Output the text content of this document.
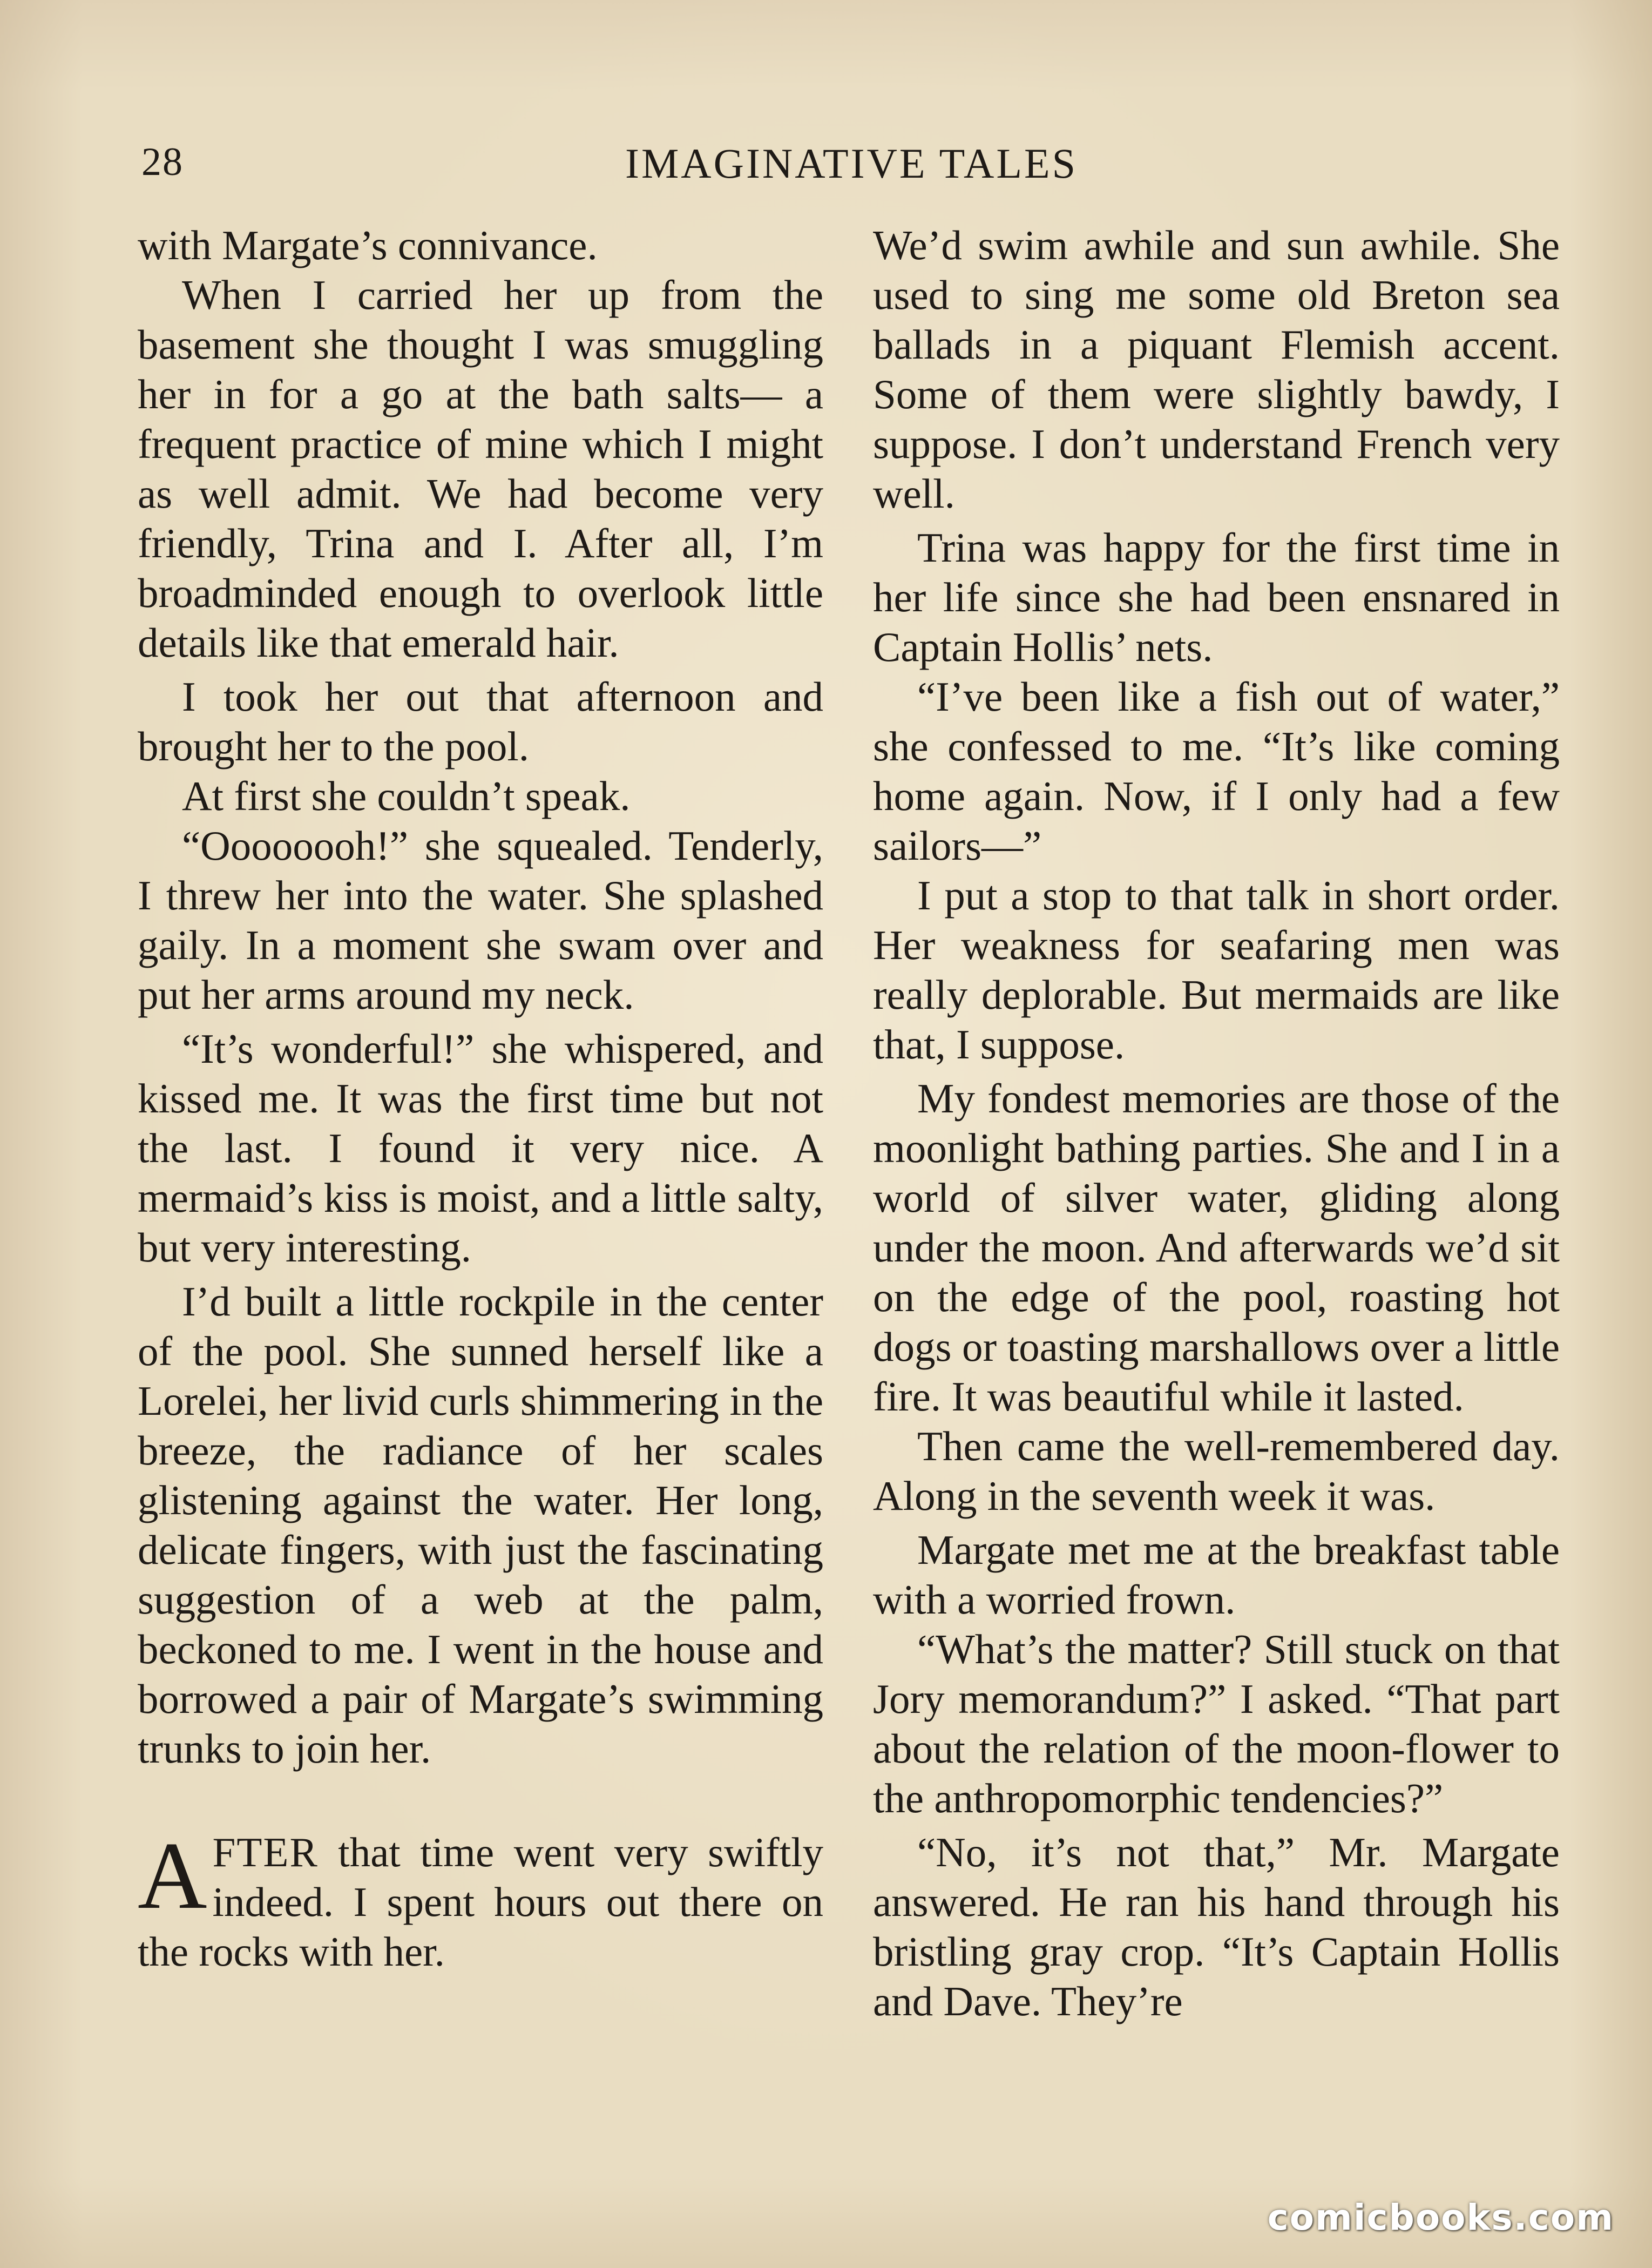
28	IMAGINATIVE TALES

with Margate’s connivance.

When I carried her up from the basement she thought I was smuggling her in for a go at the bath salts— a frequent practice of mine which I might as well admit. We had become very friendly, Trina and I. After all, I’m broadminded enough to overlook little details like that emerald hair.

I took her out that afternoon and brought her to the pool.

At first she couldn’t speak.

“Oooooooh!” she squealed. Tenderly, I threw her into the water. She splashed gaily. In a moment she swam over and put her arms around my neck.

“It’s wonderful!” she whispered, and kissed me. It was the first time but not the last. I found it very nice. A mermaid’s kiss is moist, and a little salty, but very interesting.

I’d built a little rockpile in the center of the pool. She sunned herself like a Lorelei, her livid curls shimmering in the breeze, the radiance of her scales glistening against the water. Her long, delicate fingers, with just the fascinating suggestion of a web at the palm, beckoned to me. I went in the house and borrowed a pair of Margate’s swimming trunks to join her.

AFTER that time went very swiftly indeed. I spent hours out there on the rocks with her.

We’d swim awhile and sun awhile. She used to sing me some old Breton sea ballads in a piquant Flemish accent. Some of them were slightly bawdy, I suppose. I don’t understand French very well.

Trina was happy for the first time in her life since she had been ensnared in Captain Hollis’ nets.

“I’ve been like a fish out of water,” she confessed to me. “It’s like coming home again. Now, if I only had a few sailors—”

I put a stop to that talk in short order. Her weakness for seafaring men was really deplorable. But mermaids are like that, I suppose.

My fondest memories are those of the moonlight bathing parties. She and I in a world of silver water, gliding along under the moon. And afterwards we’d sit on the edge of the pool, roasting hot dogs or toasting marshallows over a little fire. It was beautiful while it lasted.

Then came the well-remembered day. Along in the seventh week it was.

Margate met me at the breakfast table with a worried frown.

“What’s the matter? Still stuck on that Jory memorandum?” I asked. “That part about the relation of the moon-flower to the anthropomorphic tendencies?”

“No, it’s not that,” Mr. Margate answered. He ran his hand through his bristling gray crop. “It’s Captain Hollis and Dave. They’re

comicbooks.com
